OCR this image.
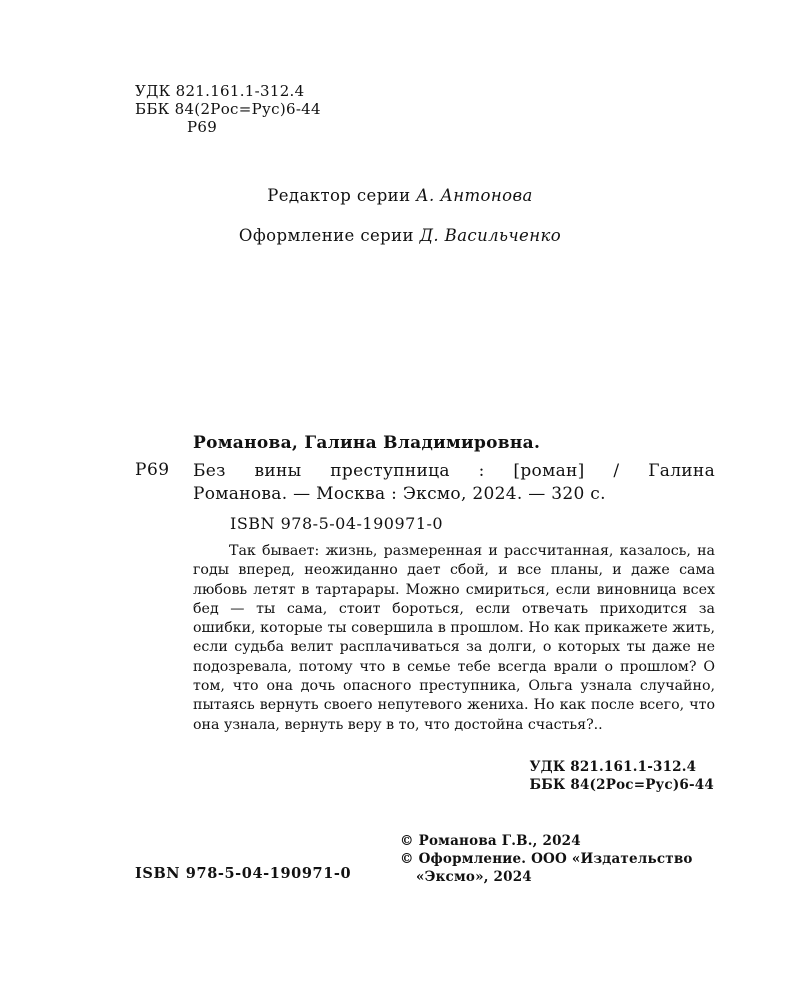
УДК 821.161.1-312.4
ББК 84(2Рос=Рус)6-44
Р69
Редактор серии А. Антонова
Оформление серии Д. Васильченко
Романова, Галина Владимировна.
Р69 Без вины преступница : [роман] / Галина
Романова. — Москва : Эксмо, 2024. — 320 с.
ISBN 978-5-04-190971-0

Так бывает: жизнь, размеренная и рассчитанная, казалось, на годы вперед, неожиданно дает сбой, и все планы, и даже сама любовь летят в тартарары. Можно смириться, если виновница всех бед — ты сама, стоит бороться, если отвечать приходится за ошибки, которые ты совершила в прошлом. Но как прикажете жить, если судьба велит расплачиваться за долги, о которых ты даже не подозревала, потому что в семье тебе всегда врали о прошлом? О том, что она дочь опасного преступника, Ольга узнала случайно, пытаясь вернуть своего непутевого жениха. Но как после всего, что она узнала, вернуть веру в то, что достойна счастья?..

УДК 821.161.1-312.4
ББК 84(2Рос=Рус)6-44
© Романова Г.В., 2024
© Оформление. ООО «Издательство
«Эксмо», 2024
ISBN 978-5-04-190971-0
